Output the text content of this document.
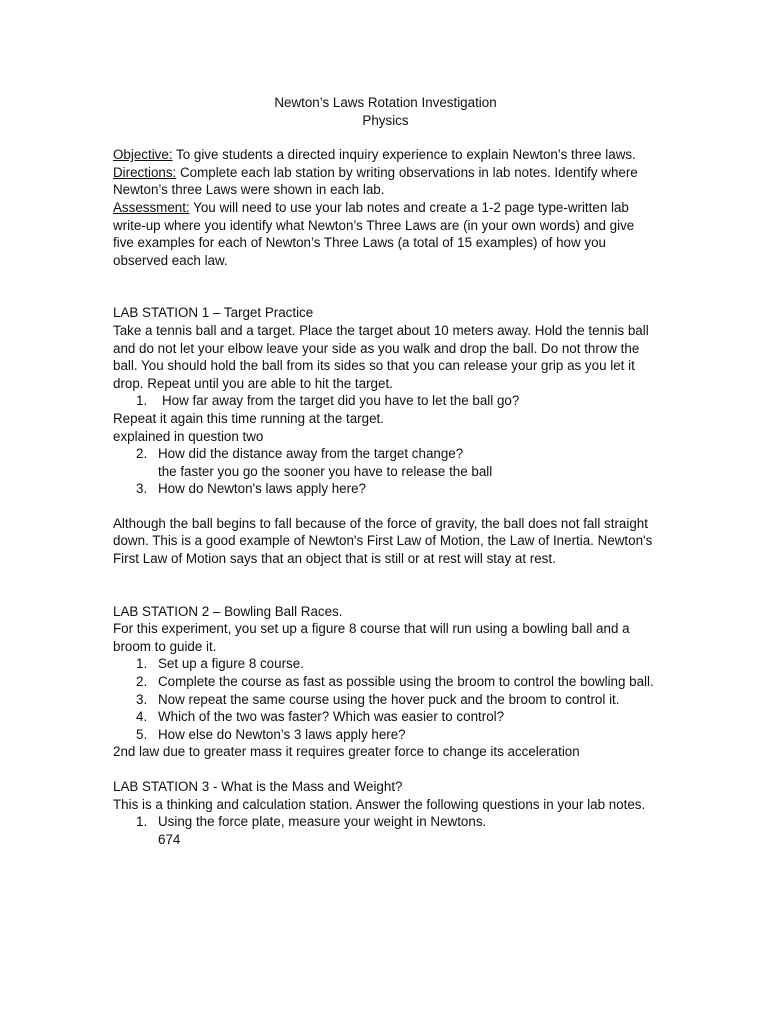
Newton’s Laws Rotation Investigation
Physics

Objective: To give students a directed inquiry experience to explain Newton’s three laws.

Directions: Complete each lab station by writing observations in lab notes. Identify where Newton’s three Laws were shown in each lab.

Assessment: You will need to use your lab notes and create a 1-2 page type-written lab write-up where you identify what Newton’s Three Laws are (in your own words) and give five examples for each of Newton’s Three Laws (a total of 15 examples) of how you observed each law.

LAB STATION 1 – Target Practice

Take a tennis ball and a target. Place the target about 10 meters away. Hold the tennis ball and do not let your elbow leave your side as you walk and drop the ball. Do not throw the ball. You should hold the ball from its sides so that you can release your grip as you let it drop. Repeat until you are able to hit the target.

1. How far away from the target did you have to let the ball go?
Repeat it again this time running at the target.
explained in question two
2. How did the distance away from the target change?
the faster you go the sooner you have to release the ball
3. How do Newton's laws apply here?

Although the ball begins to fall because of the force of gravity, the ball does not fall straight down. This is a good example of Newton's First Law of Motion, the Law of Inertia. Newton's First Law of Motion says that an object that is still or at rest will stay at rest.

LAB STATION 2 – Bowling Ball Races.

For this experiment, you set up a figure 8 course that will run using a bowling ball and a broom to guide it.

1. Set up a figure 8 course.
2. Complete the course as fast as possible using the broom to control the bowling ball.
3. Now repeat the same course using the hover puck and the broom to control it.
4. Which of the two was faster? Which was easier to control?
5. How else do Newton’s 3 laws apply here?
2nd law due to greater mass it requires greater force to change its acceleration
LAB STATION 3 - What is the Mass and Weight?

This is a thinking and calculation station. Answer the following questions in your lab notes.

1. Using the force plate, measure your weight in Newtons.
674
